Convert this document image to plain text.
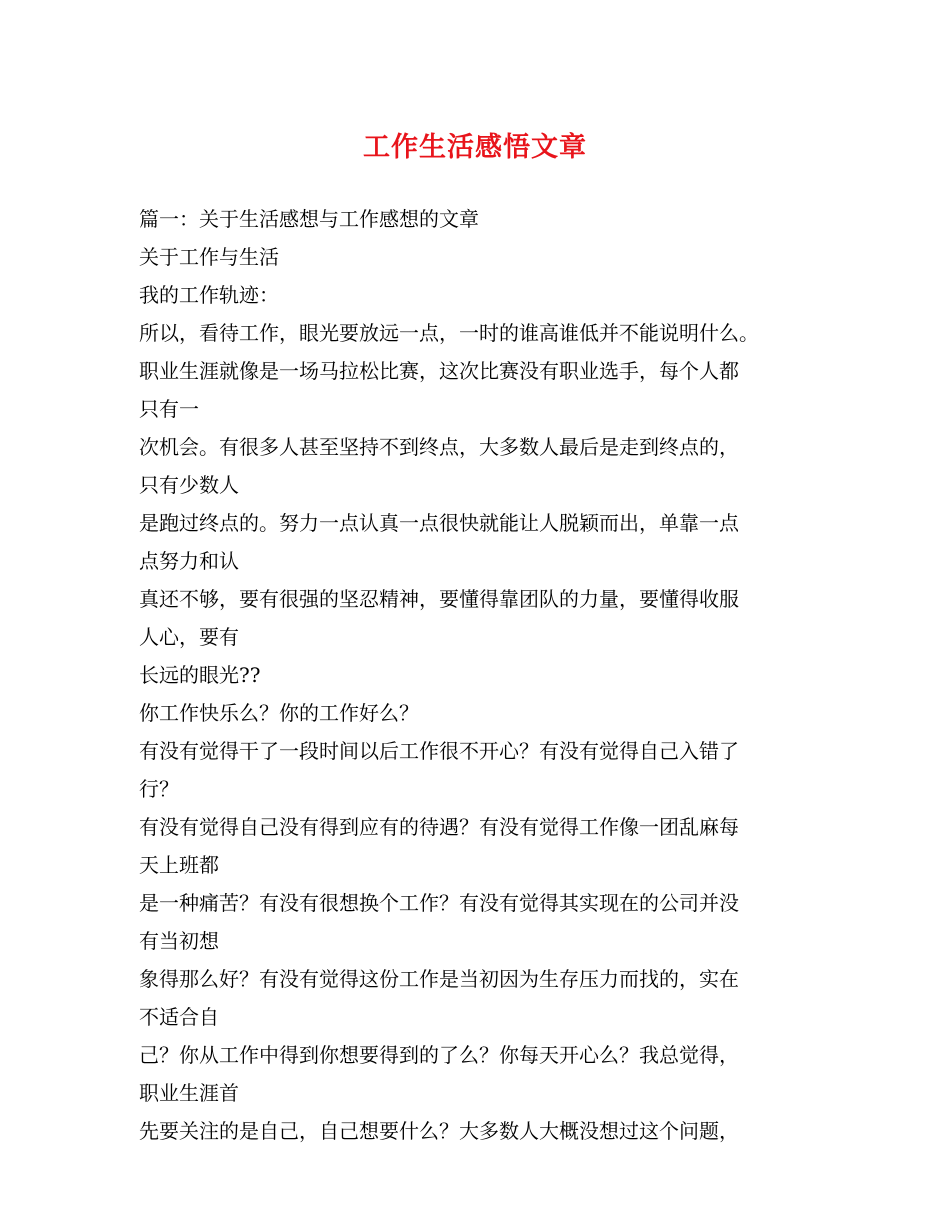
工作生活感悟文章
篇一：关于生活感想与工作感想的文章
关于工作与生活
我的工作轨迹：
所以，看待工作，眼光要放远一点，一时的谁高谁低并不能说明什么。
职业生涯就像是一场马拉松比赛，这次比赛没有职业选手，每个人都
只有一
次机会。有很多人甚至坚持不到终点，大多数人最后是走到终点的，
只有少数人
是跑过终点的。努力一点认真一点很快就能让人脱颖而出，单靠一点
点努力和认
真还不够，要有很强的坚忍精神，要懂得靠团队的力量，要懂得收服
人心，要有
长远的眼光??
你工作快乐么？你的工作好么？
有没有觉得干了一段时间以后工作很不开心？有没有觉得自己入错了
行？
有没有觉得自己没有得到应有的待遇？有没有觉得工作像一团乱麻每
天上班都
是一种痛苦？有没有很想换个工作？有没有觉得其实现在的公司并没
有当初想
象得那么好？有没有觉得这份工作是当初因为生存压力而找的，实在
不适合自
己？你从工作中得到你想要得到的了么？你每天开心么？我总觉得，
职业生涯首
先要关注的是自己，自己想要什么？大多数人大概没想过这个问题，
